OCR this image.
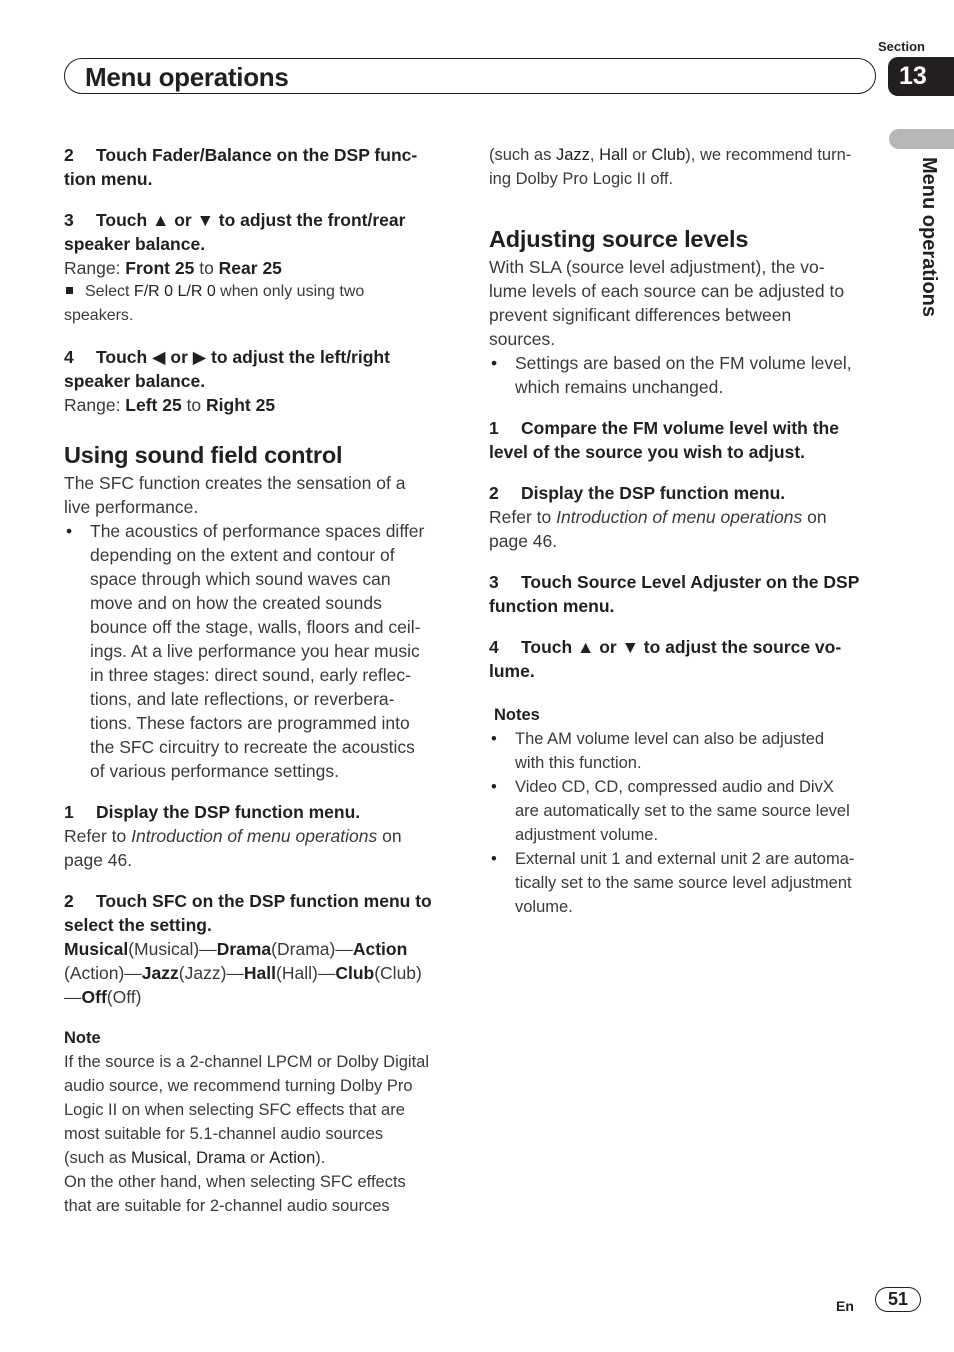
Menu operations
Section
13
Menu operations
2 Touch Fader/Balance on the DSP func-
tion menu.
3 Touch ▲ or ▼ to adjust the front/rear
speaker balance.
Range: Front 25 to Rear 25
Select F/R 0 L/R 0 when only using two
speakers.
4 Touch ◀ or ▶ to adjust the left/right
speaker balance.
Range: Left 25 to Right 25
Using sound field control
The SFC function creates the sensation of a
live performance.
• The acoustics of performance spaces differ
depending on the extent and contour of
space through which sound waves can
move and on how the created sounds
bounce off the stage, walls, floors and ceil-
ings. At a live performance you hear music
in three stages: direct sound, early reflec-
tions, and late reflections, or reverbera-
tions. These factors are programmed into
the SFC circuitry to recreate the acoustics
of various performance settings.
1 Display the DSP function menu.
Refer to Introduction of menu operations on
page 46.
2 Touch SFC on the DSP function menu to
select the setting.
Musical(Musical)—Drama(Drama)—Action
(Action)—Jazz(Jazz)—Hall(Hall)—Club(Club)
—Off(Off)
Note
If the source is a 2-channel LPCM or Dolby Digital
audio source, we recommend turning Dolby Pro
Logic II on when selecting SFC effects that are
most suitable for 5.1-channel audio sources
(such as Musical, Drama or Action).
On the other hand, when selecting SFC effects
that are suitable for 2-channel audio sources
(such as Jazz, Hall or Club), we recommend turn-
ing Dolby Pro Logic II off.
Adjusting source levels
With SLA (source level adjustment), the vo-
lume levels of each source can be adjusted to
prevent significant differences between
sources.
• Settings are based on the FM volume level,
which remains unchanged.
1 Compare the FM volume level with the
level of the source you wish to adjust.
2 Display the DSP function menu.
Refer to Introduction of menu operations on
page 46.
3 Touch Source Level Adjuster on the DSP
function menu.
4 Touch ▲ or ▼ to adjust the source vo-
lume.
Notes
• The AM volume level can also be adjusted
with this function.
• Video CD, CD, compressed audio and DivX
are automatically set to the same source level
adjustment volume.
• External unit 1 and external unit 2 are automa-
tically set to the same source level adjustment
volume.
En	51
